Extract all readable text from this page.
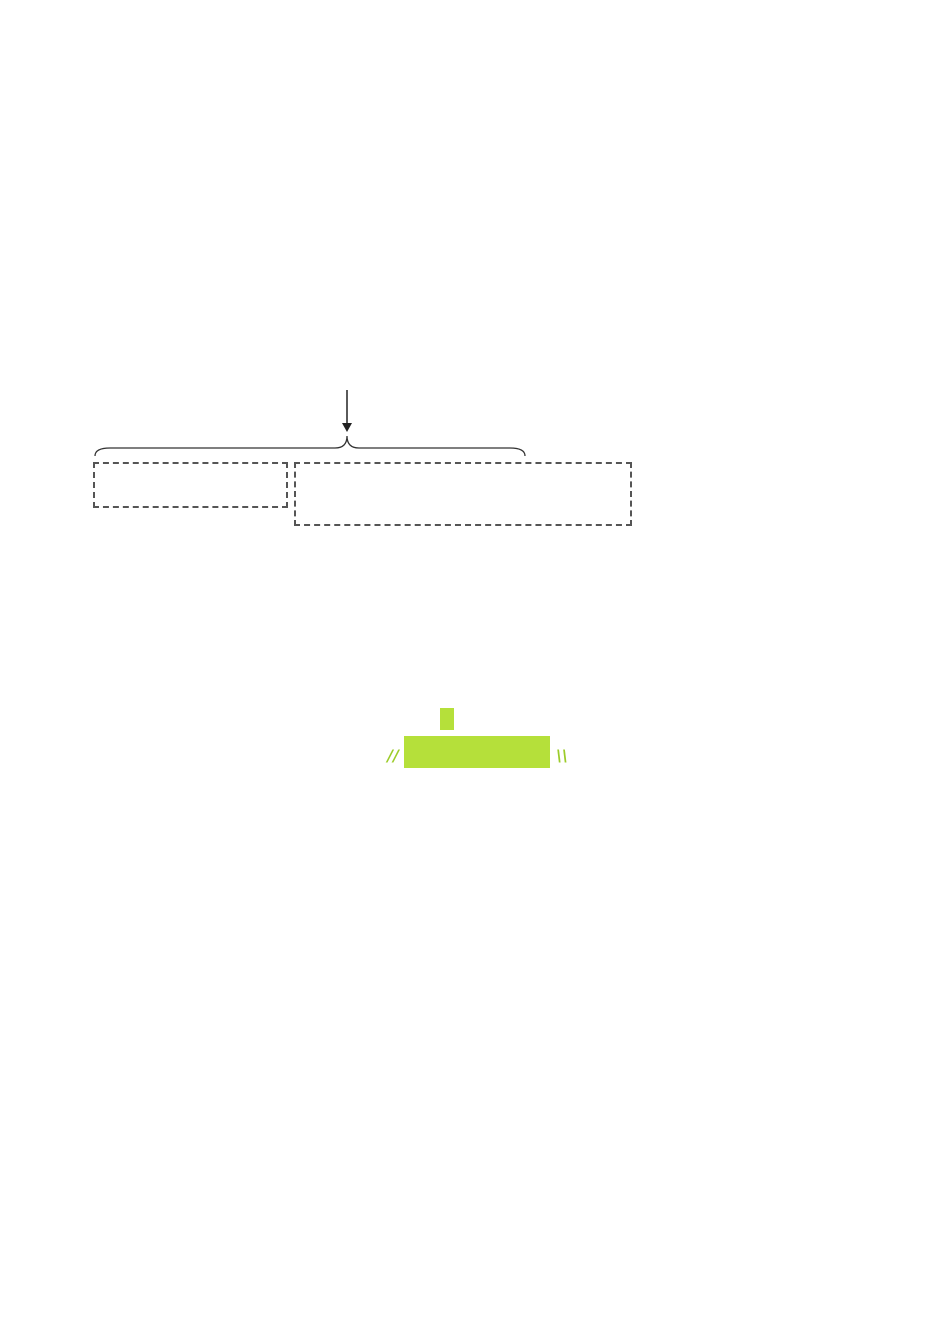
//	\\
